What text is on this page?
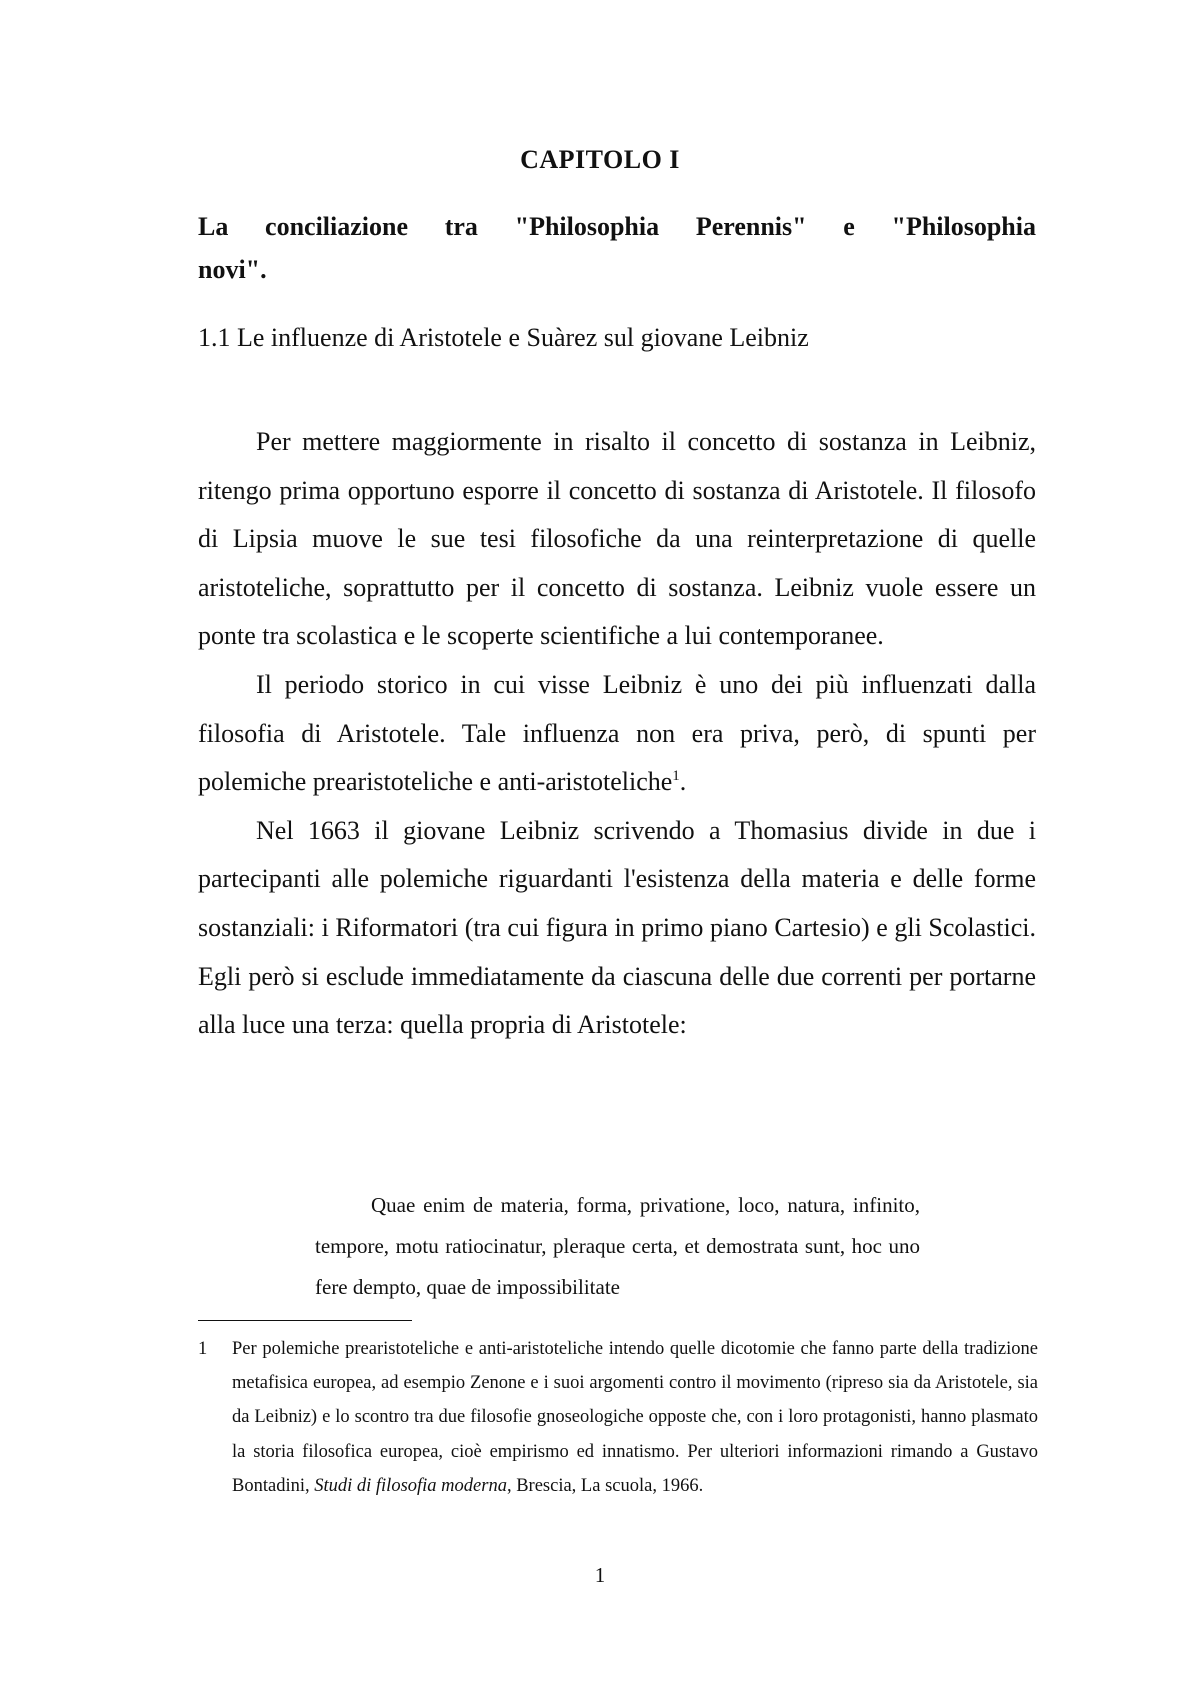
CAPITOLO I
La conciliazione tra "Philosophia Perennis" e "Philosophia
novi".
1.1 Le influenze di Aristotele e Suàrez sul giovane Leibniz

Per mettere maggiormente in risalto il concetto di sostanza in Leibniz, ritengo prima opportuno esporre il concetto di sostanza di Aristotele. Il filosofo di Lipsia muove le sue tesi filosofiche da una reinterpretazione di quelle aristoteliche, soprattutto per il concetto di sostanza. Leibniz vuole essere un ponte tra scolastica e le scoperte scientifiche a lui contemporanee.

Il periodo storico in cui visse Leibniz è uno dei più influenzati dalla filosofia di Aristotele. Tale influenza non era priva, però, di spunti per polemiche prearistoteliche e anti-aristoteliche$^1$.

Nel 1663 il giovane Leibniz scrivendo a Thomasius divide in due i partecipanti alle polemiche riguardanti l'esistenza della materia e delle forme sostanziali: i Riformatori (tra cui figura in primo piano Cartesio) e gli Scolastici. Egli però si esclude immediatamente da ciascuna delle due correnti per portarne alla luce una terza: quella propria di Aristotele:

Quae enim de materia, forma, privatione, loco, natura, infinito, tempore, motu ratiocinatur, pleraque certa, et demostrata sunt, hoc uno fere dempto, quae de impossibilitate

1 Per polemiche prearistoteliche e anti-aristoteliche intendo quelle dicotomie che fanno parte della tradizione metafisica europea, ad esempio Zenone e i suoi argomenti contro il movimento (ripreso sia da Aristotele, sia da Leibniz) e lo scontro tra due filosofie gnoseologiche opposte che, con i loro protagonisti, hanno plasmato la storia filosofica europea, cioè empirismo ed innatismo. Per ulteriori informazioni rimando a Gustavo Bontadini, Studi di filosofia moderna, Brescia, La scuola, 1966.

1
